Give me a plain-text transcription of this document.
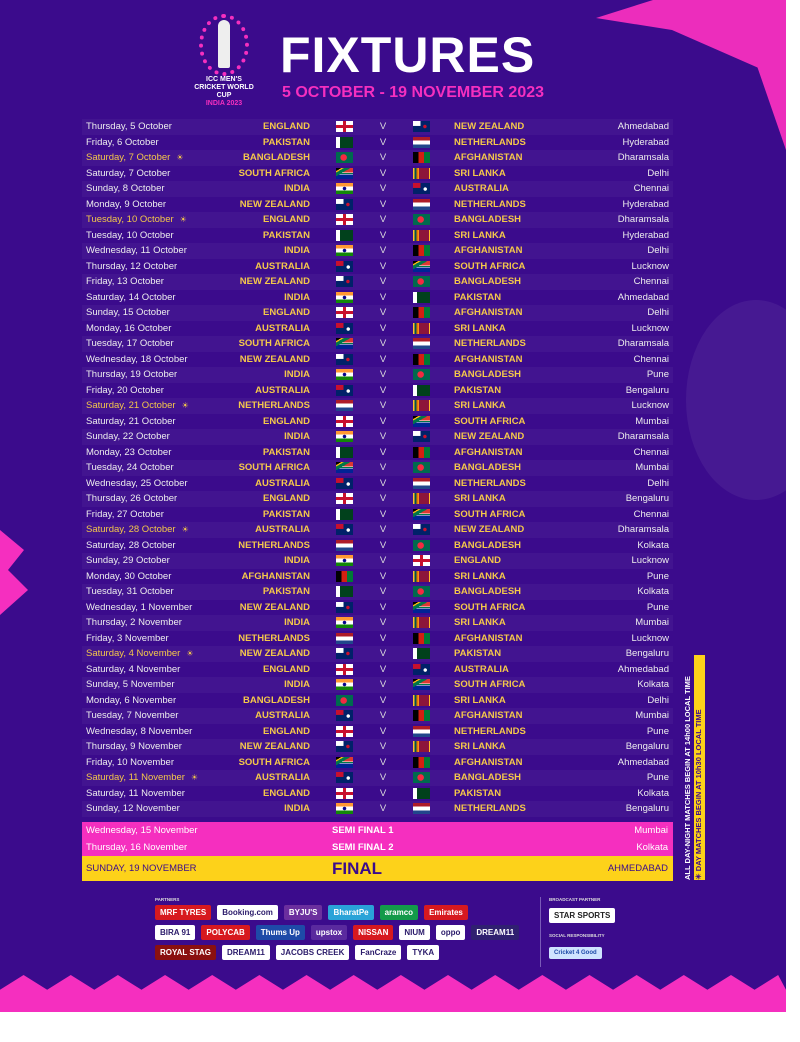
ICC MEN'S
CRICKET WORLD CUP
INDIA 2023
FIXTURES
5 OCTOBER - 19 NOVEMBER 2023
Thursday, 5 October	ENGLAND	V	NEW ZEALAND	Ahmedabad
Friday, 6 October	PAKISTAN	V	NETHERLANDS	Hyderabad
Saturday, 7 October ☀	BANGLADESH	V	AFGHANISTAN	Dharamsala
Saturday, 7 October	SOUTH AFRICA	V	SRI LANKA	Delhi
Sunday, 8 October	INDIA	V	AUSTRALIA	Chennai
Monday, 9 October	NEW ZEALAND	V	NETHERLANDS	Hyderabad
Tuesday, 10 October ☀	ENGLAND	V	BANGLADESH	Dharamsala
Tuesday, 10 October	PAKISTAN	V	SRI LANKA	Hyderabad
Wednesday, 11 October	INDIA	V	AFGHANISTAN	Delhi
Thursday, 12 October	AUSTRALIA	V	SOUTH AFRICA	Lucknow
Friday, 13 October	NEW ZEALAND	V	BANGLADESH	Chennai
Saturday, 14 October	INDIA	V	PAKISTAN	Ahmedabad
Sunday, 15 October	ENGLAND	V	AFGHANISTAN	Delhi
Monday, 16 October	AUSTRALIA	V	SRI LANKA	Lucknow
Tuesday, 17 October	SOUTH AFRICA	V	NETHERLANDS	Dharamsala
Wednesday, 18 October	NEW ZEALAND	V	AFGHANISTAN	Chennai
Thursday, 19 October	INDIA	V	BANGLADESH	Pune
Friday, 20 October	AUSTRALIA	V	PAKISTAN	Bengaluru
Saturday, 21 October ☀	NETHERLANDS	V	SRI LANKA	Lucknow
Saturday, 21 October	ENGLAND	V	SOUTH AFRICA	Mumbai
Sunday, 22 October	INDIA	V	NEW ZEALAND	Dharamsala
Monday, 23 October	PAKISTAN	V	AFGHANISTAN	Chennai
Tuesday, 24 October	SOUTH AFRICA	V	BANGLADESH	Mumbai
Wednesday, 25 October	AUSTRALIA	V	NETHERLANDS	Delhi
Thursday, 26 October	ENGLAND	V	SRI LANKA	Bengaluru
Friday, 27 October	PAKISTAN	V	SOUTH AFRICA	Chennai
Saturday, 28 October ☀	AUSTRALIA	V	NEW ZEALAND	Dharamsala
Saturday, 28 October	NETHERLANDS	V	BANGLADESH	Kolkata
Sunday, 29 October	INDIA	V	ENGLAND	Lucknow
Monday, 30 October	AFGHANISTAN	V	SRI LANKA	Pune
Tuesday, 31 October	PAKISTAN	V	BANGLADESH	Kolkata
Wednesday, 1 November	NEW ZEALAND	V	SOUTH AFRICA	Pune
Thursday, 2 November	INDIA	V	SRI LANKA	Mumbai
Friday, 3 November	NETHERLANDS	V	AFGHANISTAN	Lucknow
Saturday, 4 November ☀	NEW ZEALAND	V	PAKISTAN	Bengaluru
Saturday, 4 November	ENGLAND	V	AUSTRALIA	Ahmedabad
Sunday, 5 November	INDIA	V	SOUTH AFRICA	Kolkata
Monday, 6 November	BANGLADESH	V	SRI LANKA	Delhi
Tuesday, 7 November	AUSTRALIA	V	AFGHANISTAN	Mumbai
Wednesday, 8 November	ENGLAND	V	NETHERLANDS	Pune
Thursday, 9 November	NEW ZEALAND	V	SRI LANKA	Bengaluru
Friday, 10 November	SOUTH AFRICA	V	AFGHANISTAN	Ahmedabad
Saturday, 11 November ☀	AUSTRALIA	V	BANGLADESH	Pune
Saturday, 11 November	ENGLAND	V	PAKISTAN	Kolkata
Sunday, 12 November	INDIA	V	NETHERLANDS	Bengaluru
Wednesday, 15 November	SEMI FINAL 1	Mumbai
Thursday, 16 November	SEMI FINAL 2	Kolkata
SUNDAY, 19 NOVEMBER	FINAL	AHMEDABAD	ALL DAY-NIGHT MATCHES BEGIN AT 14h00 LOCAL TIME ☀ DAY MATCHES BEGIN AT 10h30 LOCAL TIME
PARTNERS
MRF TYRES	Booking.com	BYJU'S	BharatPe	aramco	Emirates
BIRA 91	POLYCAB	Thums Up	upstox	NISSAN	NIUM	oppo	DREAM11
ROYAL STAG	DREAM11	JACOBS CREEK	FanCraze	TYKA
BROADCAST PARTNER
STAR SPORTS
SOCIAL RESPONSIBILITY
Cricket 4 Good
